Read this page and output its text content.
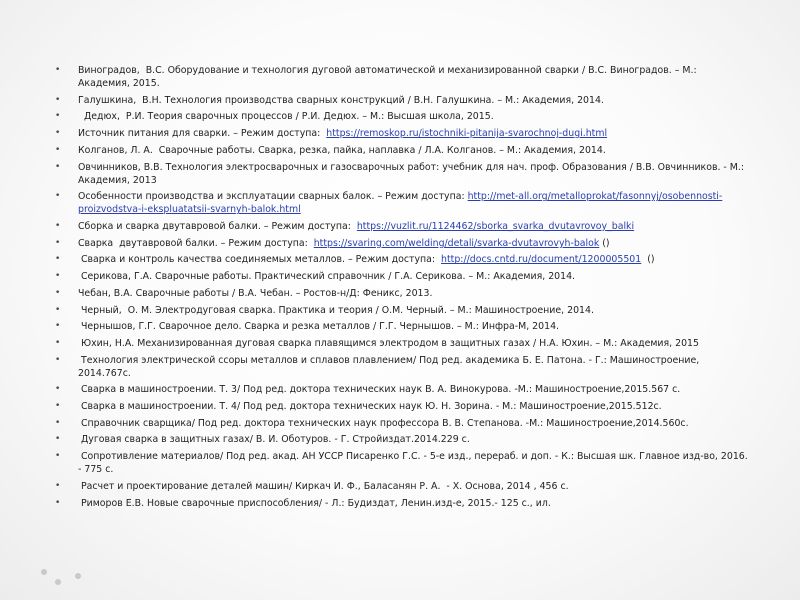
• Виноградов,  В.С. Оборудование и технология дуговой автоматической и механизированной сварки / В.С. Виноградов. – М.: Академия, 2015.
• Галушкина,  В.Н. Технология производства сварных конструкций / В.Н. Галушкина. – М.: Академия, 2014.
•   Дедюх,  Р.И. Теория сварочных процессов / Р.И. Дедюх. – М.: Высшая школа, 2015.
• Источник питания для сварки. – Режим доступа:  https://remoskop.ru/istochniki-pitanija-svarochnoj-dugi.html
• Колганов, Л. А.  Сварочные работы. Сварка, резка, пайка, наплавка / Л.А. Колганов. – М.: Академия, 2014.
• Овчинников, В.В. Технология электросварочных и газосварочных работ: учебник для нач. проф. Образования / В.В. Овчинников. - М.: Академия, 2013
• Особенности производства и эксплуатации сварных балок. – Режим доступа: http://met-all.org/metalloprokat/fasonnyj/osobennosti-proizvodstva-i-ekspluatatsii-svarnyh-balok.html
• Сборка и сварка двутавровой балки. – Режим доступа:  https://vuzlit.ru/1124462/sborka_svarka_dvutavrovoy_balki
• Сварка  двутавровой балки. – Режим доступа:  https://svaring.com/welding/detali/svarka-dvutavrovyh-balok ()
•  Сварка и контроль качества соединяемых металлов. – Режим доступа:  http://docs.cntd.ru/document/1200005501  ()
•  Серикова, Г.А. Сварочные работы. Практический справочник / Г.А. Серикова. – М.: Академия, 2014.
• Чебан, В.А. Сварочные работы / В.А. Чебан. – Ростов-н/Д: Феникс, 2013.
•  Черный,  О. М. Электродуговая сварка. Практика и теория / О.М. Черный. – М.: Машиностроение, 2014.
•  Чернышов, Г.Г. Сварочное дело. Сварка и резка металлов / Г.Г. Чернышов. – М.: Инфра-М, 2014.
•  Юхин, Н.А. Механизированная дуговая сварка плавящимся электродом в защитных газах / Н.А. Юхин. – М.: Академия, 2015
•  Технология электрической ссоры металлов и сплавов плавлением/ Под ред. академика Б. Е. Патона. - Г.: Машиностроение, 2014.767с.
•  Сварка в машиностроении. Т. 3/ Под ред. доктора технических наук В. А. Винокурова. -М.: Машиностроение,2015.567 с.
•  Сварка в машиностроении. Т. 4/ Под ред. доктора технических наук Ю. Н. Зорина. - М.: Машиностроение,2015.512с.
•  Справочник сварщика/ Под ред. доктора технических наук профессора В. В. Степанова. -М.: Машиностроение,2014.560с.
•  Дуговая сварка в защитных газах/ В. И. Оботуров. - Г. Стройиздат.2014.229 с.
•  Сопротивление материалов/ Под ред. акад. АН УССР Писаренко Г.С. - 5-е изд., перераб. и доп. - К.: Высшая шк. Главное изд-во, 2016. - 775 с.
•  Расчет и проектирование деталей машин/ Киркач И. Ф., Баласанян Р. А.  - Х. Основа, 2014 , 456 с.
•  Риморов Е.В. Новые сварочные приспособления/ - Л.: Будиздат, Ленин.изд-е, 2015.- 125 с., ил.
